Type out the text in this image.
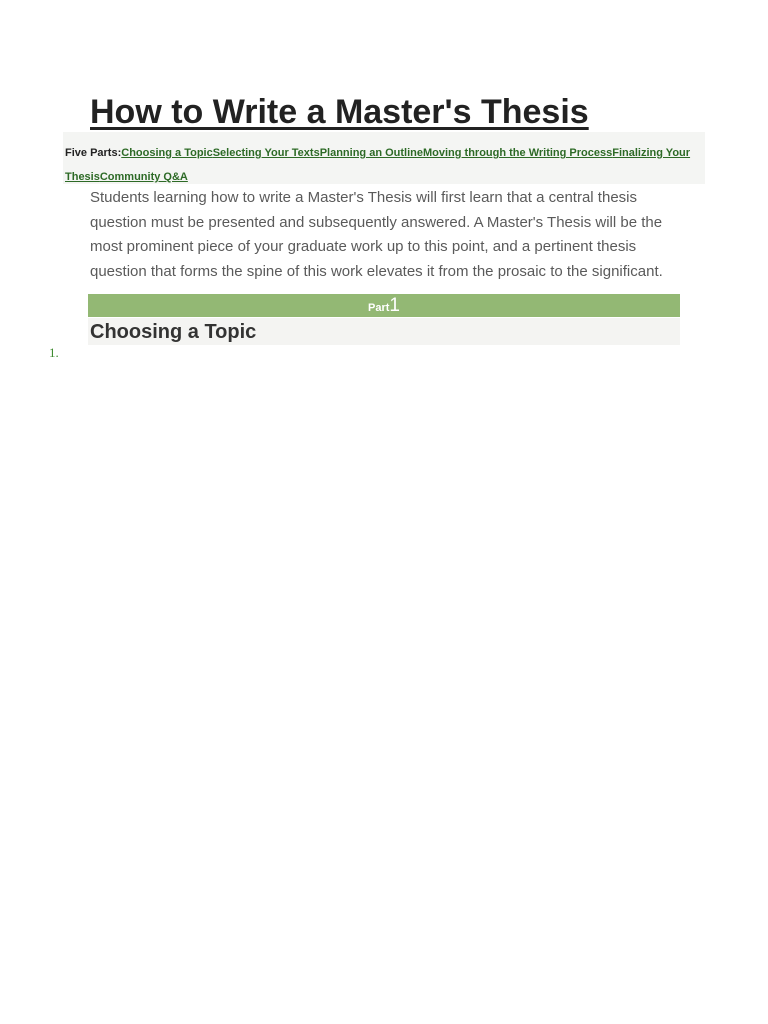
How to Write a Master's Thesis
Five Parts:Choosing a TopicSelecting Your TextsPlanning an OutlineMoving through the Writing ProcessFinalizing Your ThesisCommunity Q&A

Students learning how to write a Master's Thesis will first learn that a central thesis question must be presented and subsequently answered. A Master's Thesis will be the most prominent piece of your graduate work up to this point, and a pertinent thesis question that forms the spine of this work elevates it from the prosaic to the significant.

Part1
Choosing a Topic
1.
